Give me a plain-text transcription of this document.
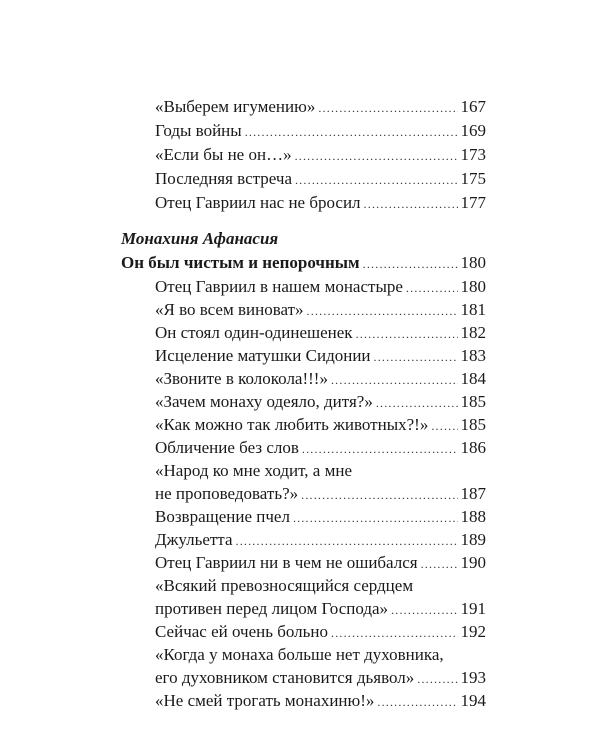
«Выберем игумению» .....	167
Годы войны .....	169
«Если бы не он…» .....	173
Последняя встреча .....	175
Отец Гавриил нас не бросил .....	177
Монахиня Афанасия
Он был чистым и непорочным .....	180
Отец Гавриил в нашем монастыре .....	180
«Я во всем виноват» .....	181
Он стоял один-одинешенек .....	182
Исцеление матушки Сидонии .....	183
«Звоните в колокола!!!» .....	184
«Зачем монаху одеяло, дитя?» .....	185
«Как можно так любить животных?!» ..... 185
Обличение без слов .....	186
«Народ ко мне ходит, а мне
не проповедовать?» .....	187
Возвращение пчел .....	188
Джульетта .....	189
Отец Гавриил ни в чем не ошибался .....	190
«Всякий превозносящийся сердцем
противен перед лицом Господа» .....	191
Сейчас ей очень больно .....	192
«Когда у монаха больше нет духовника,
его духовником становится дьявол» .....	193
«Не смей трогать монахиню!» .....	194
